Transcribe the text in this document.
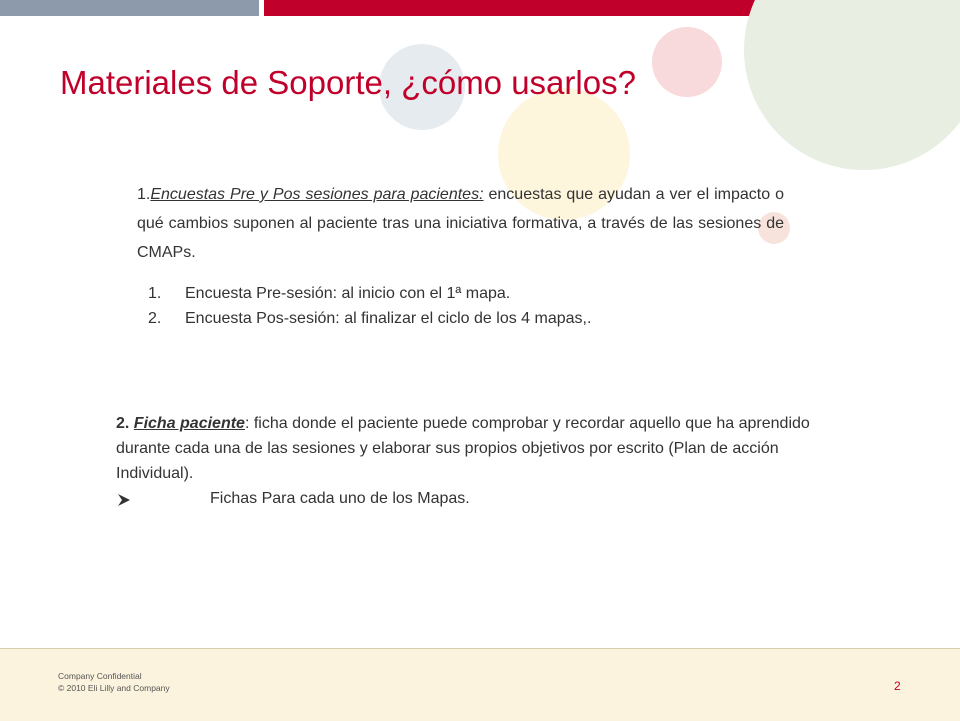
Materiales de Soporte, ¿cómo usarlos?
1.Encuestas Pre y Pos sesiones para pacientes: encuestas que ayudan a ver el impacto o qué cambios suponen al paciente tras una iniciativa formativa, a través de las sesiones de CMAPs.
1.	Encuesta Pre-sesión: al inicio con el 1ª mapa.
2.	Encuesta Pos-sesión: al finalizar el ciclo de los 4 mapas,.
2. Ficha paciente: ficha donde el paciente puede comprobar y recordar aquello que ha aprendido durante cada una de las sesiones y elaborar sus propios objetivos por escrito (Plan de acción Individual).
Fichas Para cada uno de los Mapas.
Company Confidential
© 2010 Eli Lilly and Company	2
